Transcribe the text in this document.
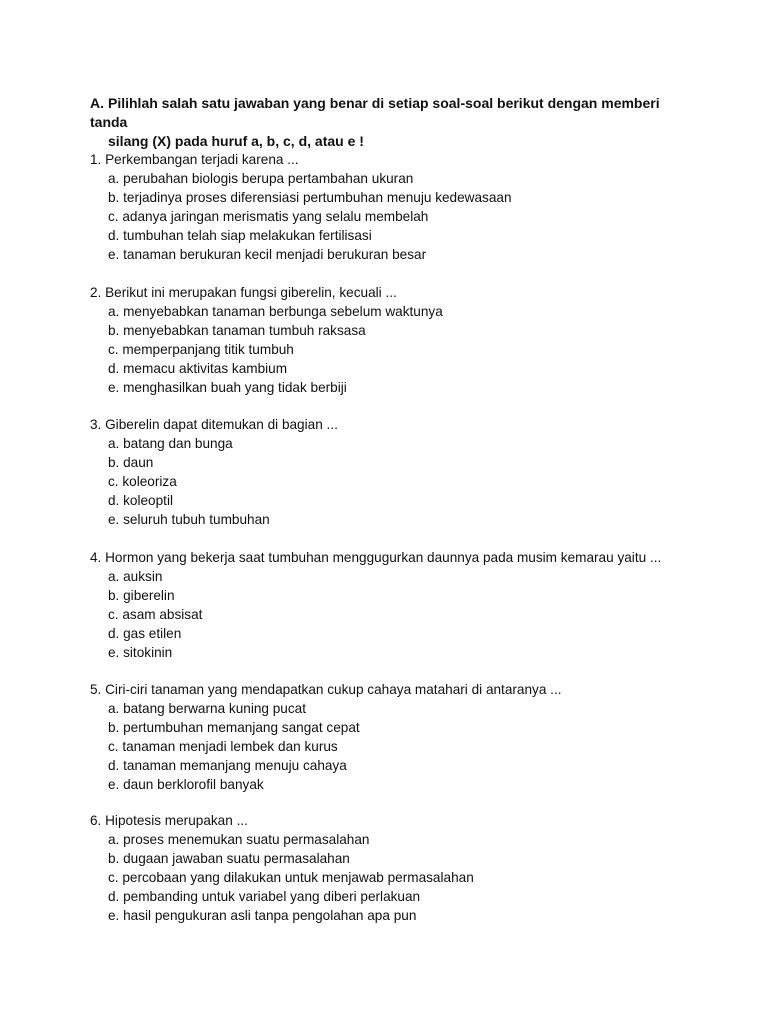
A. Pilihlah salah satu jawaban yang benar di setiap soal-soal berikut dengan memberi tanda
silang (X) pada huruf a, b, c, d, atau e !
1. Perkembangan terjadi karena ...
a. perubahan biologis berupa pertambahan ukuran
b. terjadinya proses diferensiasi pertumbuhan menuju kedewasaan
c. adanya jaringan merismatis yang selalu membelah
d. tumbuhan telah siap melakukan fertilisasi
e. tanaman berukuran kecil menjadi berukuran besar
2. Berikut ini merupakan fungsi giberelin, kecuali ...
a. menyebabkan tanaman berbunga sebelum waktunya
b. menyebabkan tanaman tumbuh raksasa
c. memperpanjang titik tumbuh
d. memacu aktivitas kambium
e. menghasilkan buah yang tidak berbiji
3. Giberelin dapat ditemukan di bagian ...
a. batang dan bunga
b. daun
c. koleoriza
d. koleoptil
e. seluruh tubuh tumbuhan
4. Hormon yang bekerja saat tumbuhan menggugurkan daunnya pada musim kemarau yaitu ...
a. auksin
b. giberelin
c. asam absisat
d. gas etilen
e. sitokinin
5. Ciri-ciri tanaman yang mendapatkan cukup cahaya matahari di antaranya ...
a. batang berwarna kuning pucat
b. pertumbuhan memanjang sangat cepat
c. tanaman menjadi lembek dan kurus
d. tanaman memanjang menuju cahaya
e. daun berklorofil banyak
6. Hipotesis merupakan ...
a. proses menemukan suatu permasalahan
b. dugaan jawaban suatu permasalahan
c. percobaan yang dilakukan untuk menjawab permasalahan
d. pembanding untuk variabel yang diberi perlakuan
e. hasil pengukuran asli tanpa pengolahan apa pun
